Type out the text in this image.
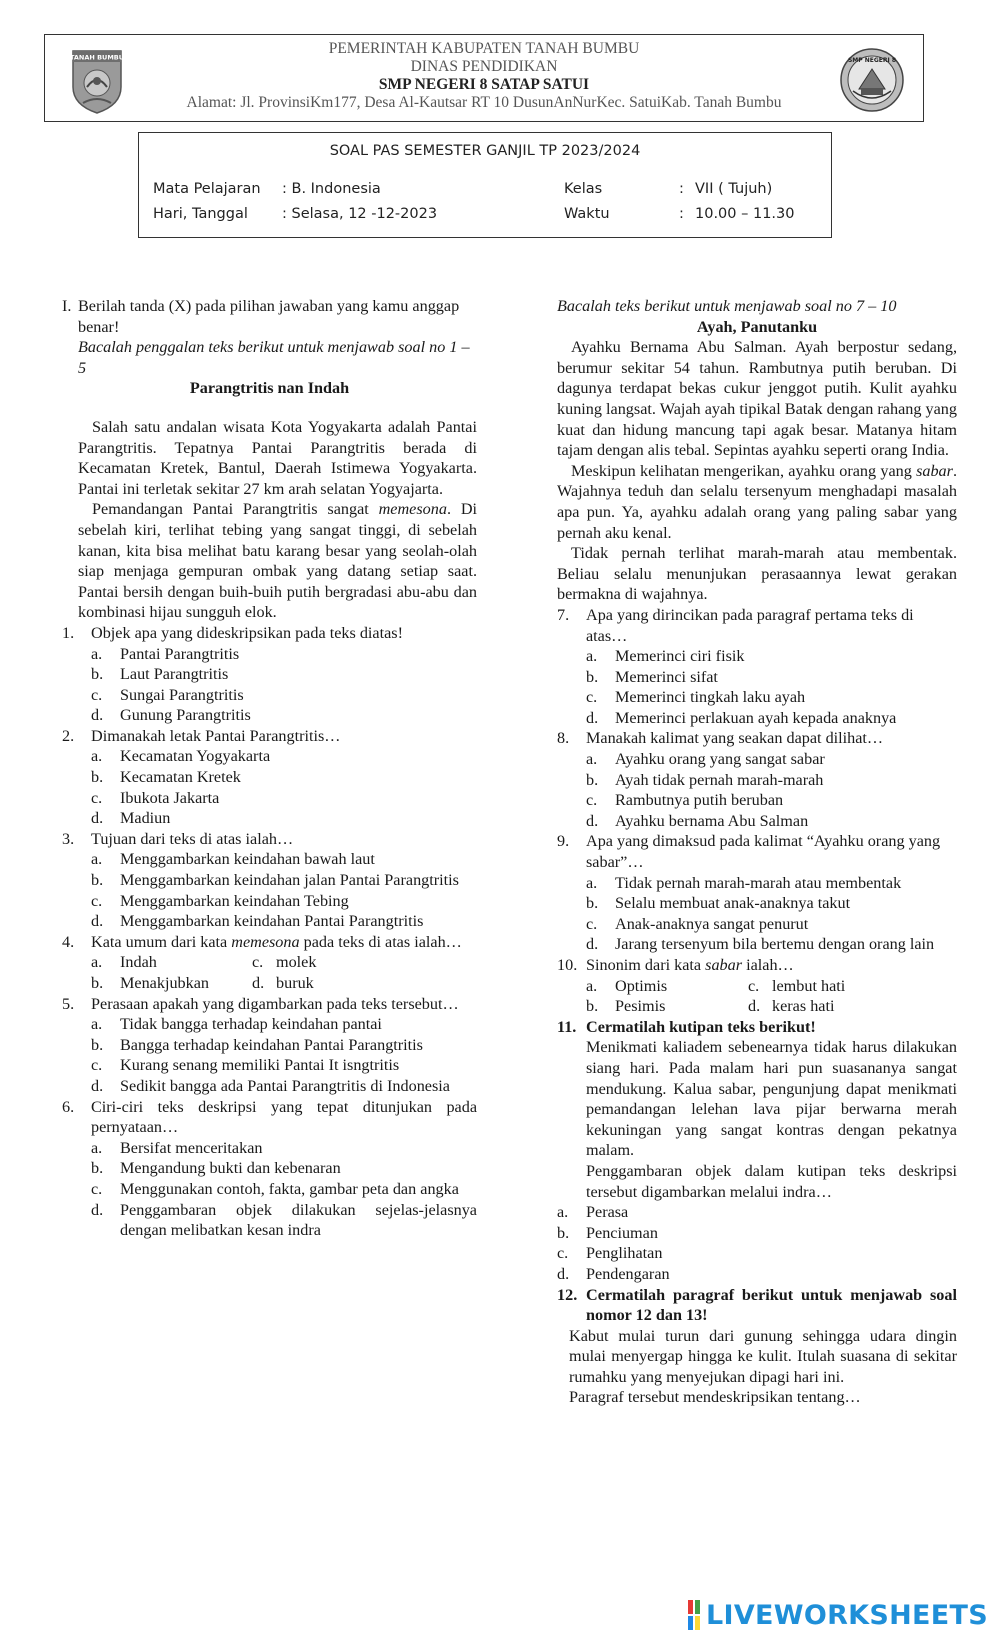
TANAH BUMBU
PEMERINTAH KABUPATEN TANAH BUMBU
DINAS PENDIDIKAN
SMP NEGERI 8 SATAP SATUI
Alamat: Jl. ProvinsiKm177, Desa Al-Kautsar RT 10 DusunAnNurKec. SatuiKab. Tanah Bumbu
SMP NEGERI 8
SOAL PAS SEMESTER GANJIL TP 2023/2024
Mata Pelajaran : B. Indonesia	Kelas	: VII ( Tujuh)
Hari, Tanggal : Selasa, 12 -12-2023	Waktu	: 10.00 – 11.30
I. Berilah tanda (X) pada pilihan jawaban yang kamu anggap benar!

Bacalah penggalan teks berikut untuk menjawab soal no 1 – 5

Parangtritis nan Indah

Salah satu andalan wisata Kota Yogyakarta adalah Pantai Parangtritis. Tepatnya Pantai Parangtritis berada di Kecamatan Kretek, Bantul, Daerah Istimewa Yogyakarta. Pantai ini terletak sekitar 27 km arah selatan Yogyajarta.

Pemandangan Pantai Parangtritis sangat memesona. Di sebelah kiri, terlihat tebing yang sangat tinggi, di sebelah kanan, kita bisa melihat batu karang besar yang seolah-olah siap menjaga gempuran ombak yang datang setiap saat. Pantai bersih dengan buih-buih putih bergradasi abu-abu dan kombinasi hijau sungguh elok.

1. Objek apa yang dideskripsikan pada teks diatas!
a. Pantai Parangtritis
b. Laut Parangtritis
c. Sungai Parangtritis
d. Gunung Parangtritis
2. Dimanakah letak Pantai Parangtritis…
a. Kecamatan Yogyakarta
b. Kecamatan Kretek
c. Ibukota Jakarta
d. Madiun
3. Tujuan dari teks di atas ialah…
a. Menggambarkan keindahan bawah laut
b. Menggambarkan keindahan jalan Pantai Parangtritis
c. Menggambarkan keindahan Tebing
d. Menggambarkan keindahan Pantai Parangtritis
4. Kata umum dari kata memesona pada teks di atas ialah…
a. Indah	c. molek
b. Menakjubkan	d. buruk
5. Perasaan apakah yang digambarkan pada teks tersebut…
a. Tidak bangga terhadap keindahan pantai
b. Bangga terhadap keindahan Pantai Parangtritis
c. Kurang senang memiliki Pantai It isngtritis
d. Sedikit bangga ada Pantai Parangtritis di Indonesia
6. Ciri-ciri teks deskripsi yang tepat ditunjukan pada pernyataan…
a. Bersifat menceritakan
b. Mengandung bukti dan kebenaran
c. Menggunakan contoh, fakta, gambar peta dan angka
d. Penggambaran objek dilakukan sejelas-jelasnya dengan melibatkan kesan indra

Bacalah teks berikut untuk menjawab soal no 7 – 10

Ayah, Panutanku

Ayahku Bernama Abu Salman. Ayah berpostur sedang, berumur sekitar 54 tahun. Rambutnya putih beruban. Di dagunya terdapat bekas cukur jenggot putih. Kulit ayahku kuning langsat. Wajah ayah tipikal Batak dengan rahang yang kuat dan hidung mancung tapi agak besar. Matanya hitam tajam dengan alis tebal. Sepintas ayahku seperti orang India.

Meskipun kelihatan mengerikan, ayahku orang yang sabar. Wajahnya teduh dan selalu tersenyum menghadapi masalah apa pun. Ya, ayahku adalah orang yang paling sabar yang pernah aku kenal.

Tidak pernah terlihat marah-marah atau membentak. Beliau selalu menunjukan perasaannya lewat gerakan bermakna di wajahnya.

7. Apa yang dirincikan pada paragraf pertama teks di atas…
a. Memerinci ciri fisik
b. Memerinci sifat
c. Memerinci tingkah laku ayah
d. Memerinci perlakuan ayah kepada anaknya
8. Manakah kalimat yang seakan dapat dilihat…
a. Ayahku orang yang sangat sabar
b. Ayah tidak pernah marah-marah
c. Rambutnya putih beruban
d. Ayahku bernama Abu Salman
9. Apa yang dimaksud pada kalimat “Ayahku orang yang sabar”…
a. Tidak pernah marah-marah atau membentak
b. Selalu membuat anak-anaknya takut
c. Anak-anaknya sangat penurut
d. Jarang tersenyum bila bertemu dengan orang lain
10. Sinonim dari kata sabar ialah…
a. Optimis	c. lembut hati
b. Pesimis	d. keras hati
11. Cermatilah kutipan teks berikut!

Menikmati kaliadem sebenearnya tidak harus dilakukan siang hari. Pada malam hari pun suasananya sangat mendukung. Kalua sabar, pengunjung dapat menikmati pemandangan lelehan lava pijar berwarna merah kekuningan yang sangat kontras dengan pekatnya malam.

Penggambaran objek dalam kutipan teks deskripsi tersebut digambarkan melalui indra…

a. Perasa
b. Penciuman
c. Penglihatan
d. Pendengaran
12. Cermatilah paragraf berikut untuk menjawab soal nomor 12 dan 13!

Kabut mulai turun dari gunung sehingga udara dingin mulai menyergap hingga ke kulit. Itulah suasana di sekitar rumahku yang menyejukan dipagi hari ini.

Paragraf tersebut mendeskripsikan tentang…

LIVEWORKSHEETS
